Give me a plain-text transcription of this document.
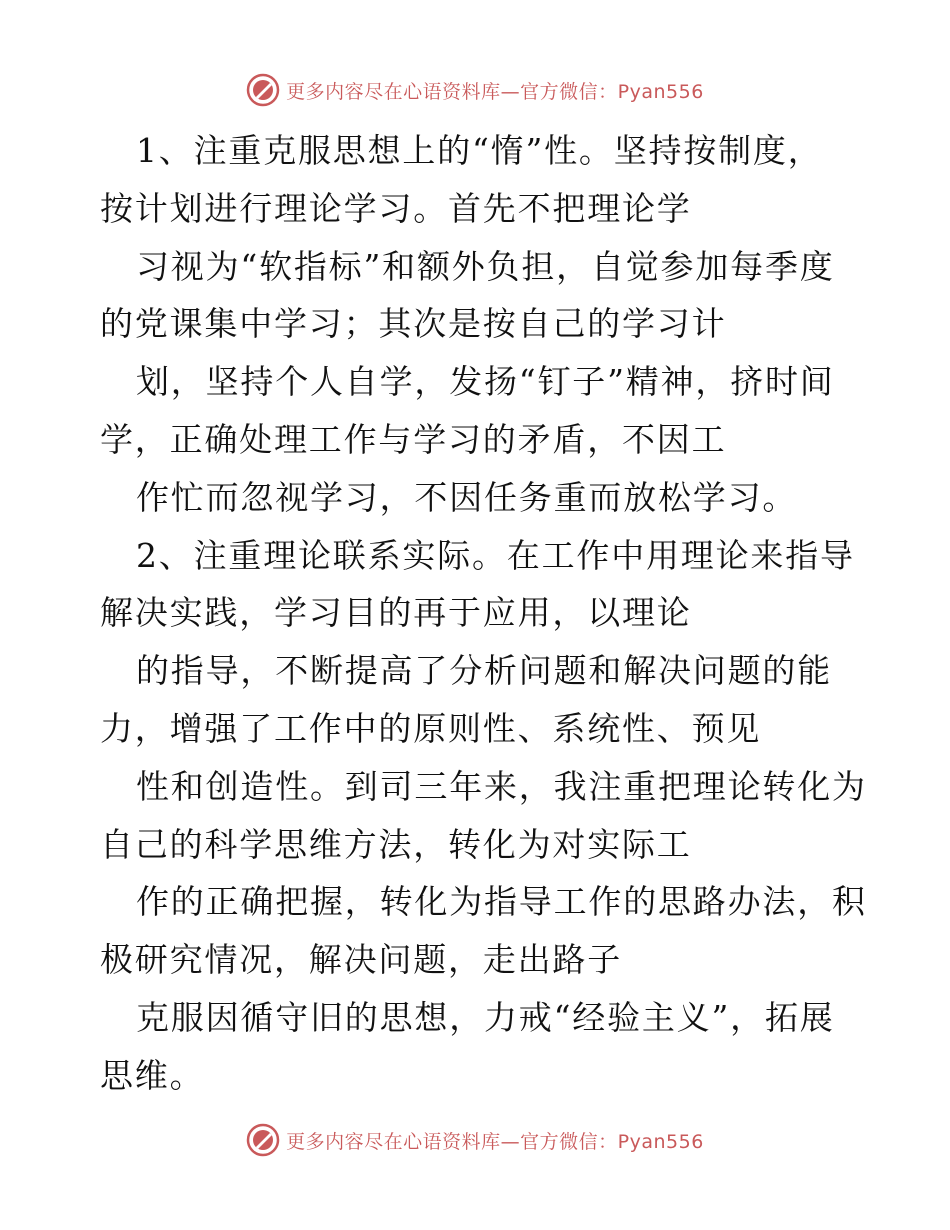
更多内容尽在心语资料库—官方微信：Pyan556
1、注重克服思想上的“惰”性。坚持按制度，
按计划进行理论学习。首先不把理论学
习视为“软指标”和额外负担，自觉参加每季度
的党课集中学习；其次是按自己的学习计
划，坚持个人自学，发扬“钉子”精神，挤时间
学，正确处理工作与学习的矛盾，不因工
作忙而忽视学习，不因任务重而放松学习。
2、注重理论联系实际。在工作中用理论来指导
解决实践，学习目的再于应用，以理论
的指导，不断提高了分析问题和解决问题的能
力，增强了工作中的原则性、系统性、预见
性和创造性。到司三年来，我注重把理论转化为
自己的科学思维方法，转化为对实际工
作的正确把握，转化为指导工作的思路办法，积
极研究情况，解决问题，走出路子
克服因循守旧的思想，力戒“经验主义”，拓展
思维。
更多内容尽在心语资料库—官方微信：Pyan556
